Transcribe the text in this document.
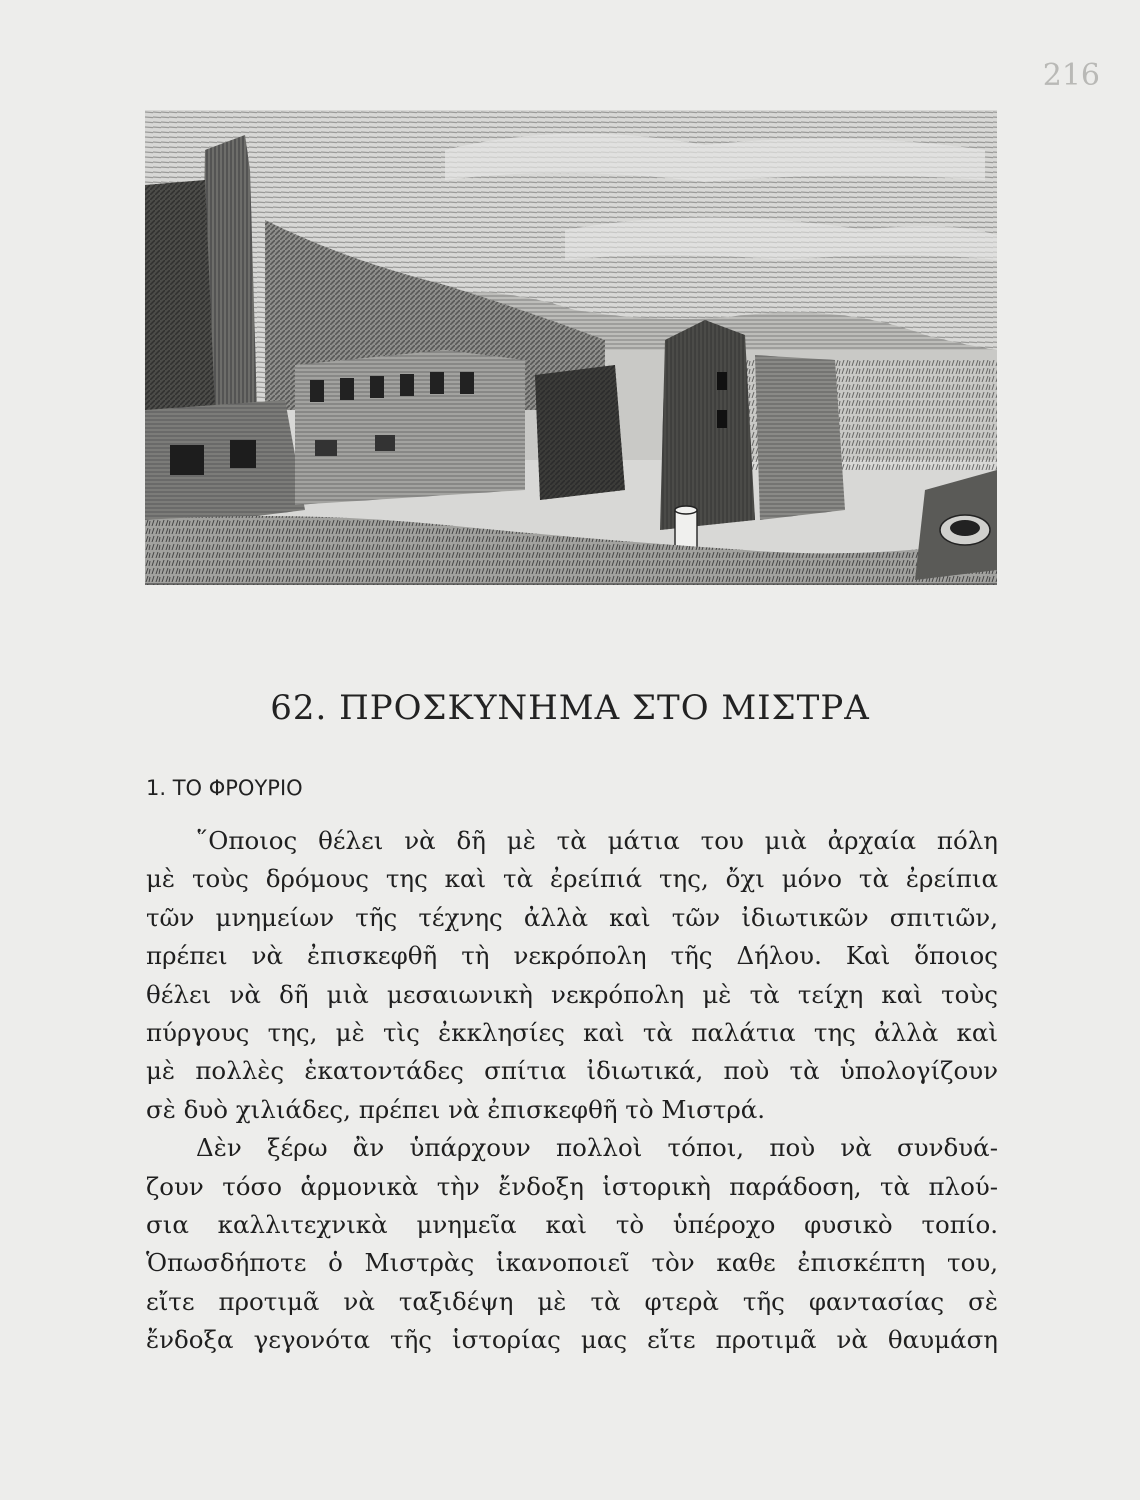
216

62. ΠΡΟΣΚΥΝΗΜΑ ΣΤΟ ΜΙΣΤΡΑ
1. ΤΟ ΦΡΟΥΡΙΟ
῞Οποιος θέλει νὰ δῆ μὲ τὰ μάτια του μιὰ ἀρχαία πόλη
μὲ τοὺς δρόμους της καὶ τὰ ἐρείπιά της, ὄχι μόνο τὰ ἐρείπια
τῶν μνημείων τῆς τέχνης ἀλλὰ καὶ τῶν ἰδιωτικῶν σπιτιῶν,
πρέπει νὰ ἐπισκεφθῆ τὴ νεκρόπολη τῆς Δήλου. Καὶ ὅποιος
θέλει νὰ δῆ μιὰ μεσαιωνικὴ νεκρόπολη μὲ τὰ τείχη καὶ τοὺς
πύργους της, μὲ τὶς ἐκκλησίες καὶ τὰ παλάτια της ἀλλὰ καὶ
μὲ πολλὲς ἑκατοντάδες σπίτια ἰδιωτικά, ποὺ τὰ ὑπολογίζουν
σὲ δυὸ χιλιάδες, πρέπει νὰ ἐπισκεφθῆ τὸ Μιστρά.
Δὲν ξέρω ἂν ὑπάρχουν πολλοὶ τόποι, ποὺ νὰ συνδυά-
ζουν τόσο ἁρμονικὰ τὴν ἔνδοξη ἱστορικὴ παράδοση, τὰ πλού-
σια καλλιτεχνικὰ μνημεῖα καὶ τὸ ὑπέροχο φυσικὸ τοπίο.
Ὁπωσδήποτε ὁ Μιστρὰς ἱκανοποιεῖ τὸν καθε ἐπισκέπτη του,
εἴτε προτιμᾶ νὰ ταξιδέψη μὲ τὰ φτερὰ τῆς φαντασίας σὲ
ἔνδοξα γεγονότα τῆς ἱστορίας μας εἴτε προτιμᾶ νὰ θαυμάση
